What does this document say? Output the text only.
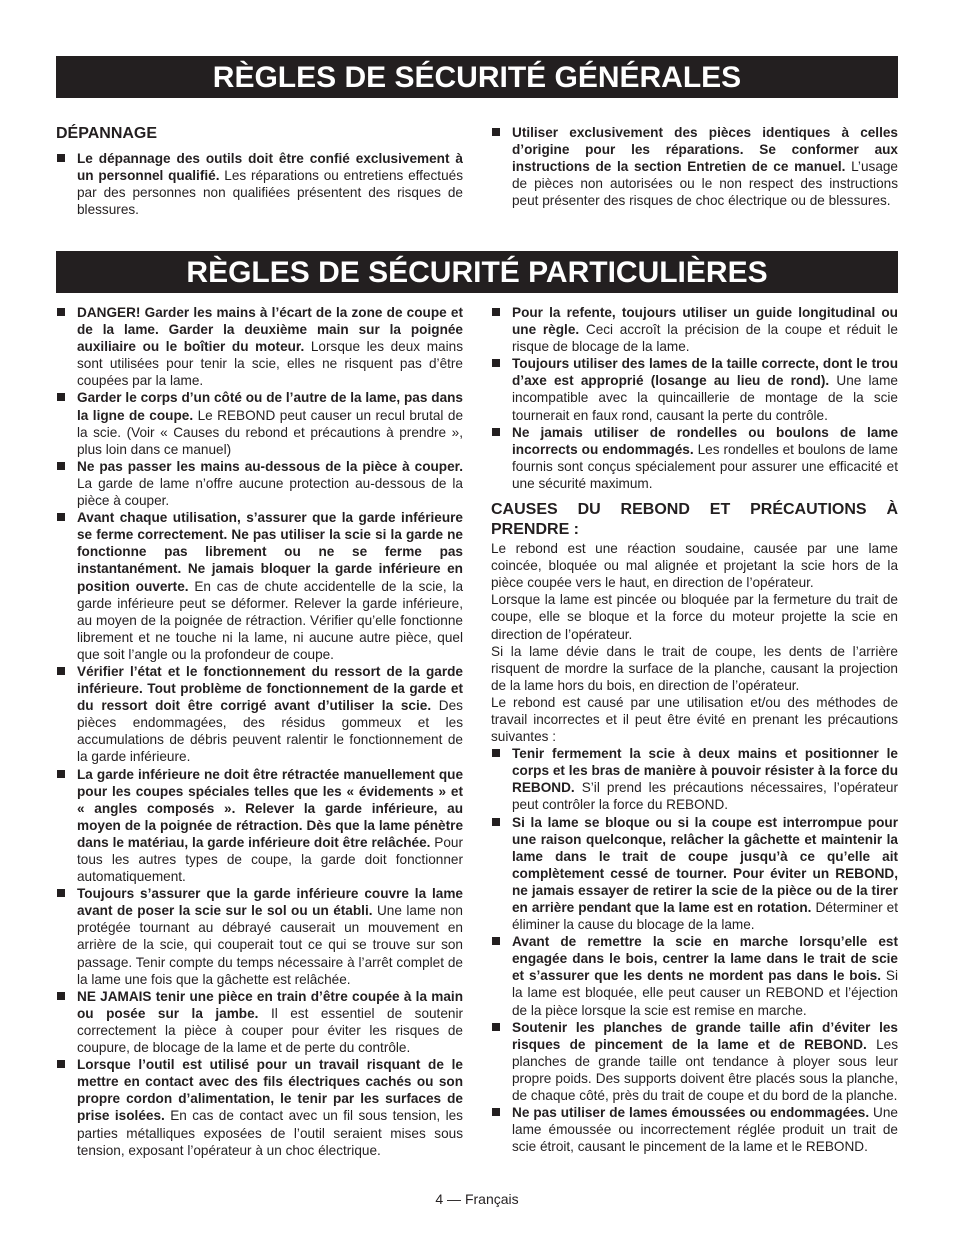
RÈGLES DE SÉCURITÉ GÉNÉRALES
DÉPANNAGE

Le dépannage des outils doit être confié exclusivement à un personnel qualifié. Les réparations ou entretiens effectués par des personnes non qualifiées présentent des risques de blessures.

Utiliser exclusivement des pièces identiques à celles d’origine pour les réparations. Se conformer aux instructions de la section Entretien de ce manuel. L’usage de pièces non autorisées ou le non respect des instructions peut présenter des risques de choc électrique ou de blessures.

RÈGLES DE SÉCURITÉ PARTICULIÈRES

DANGER! Garder les mains à l’écart de la zone de coupe et de la lame. Garder la deuxième main sur la poignée auxiliaire ou le boîtier du moteur. Lorsque les deux mains sont utilisées pour tenir la scie, elles ne risquent pas d’être coupées par la lame.

Garder le corps d’un côté ou de l’autre de la lame, pas dans la ligne de coupe. Le REBOND peut causer un recul brutal de la scie. (Voir « Causes du rebond et précautions à prendre », plus loin dans ce manuel)

Ne pas passer les mains au-dessous de la pièce à couper. La garde de lame n’offre aucune protection au-dessous de la pièce à couper.

Avant chaque utilisation, s’assurer que la garde inférieure se ferme correctement. Ne pas utiliser la scie si la garde ne fonctionne pas librement ou ne se ferme pas instantanément. Ne jamais bloquer la garde inférieure en position ouverte. En cas de chute accidentelle de la scie, la garde inférieure peut se déformer. Relever la garde inférieure, au moyen de la poignée de rétraction. Vérifier qu’elle fonctionne librement et ne touche ni la lame, ni aucune autre pièce, quel que soit l’angle ou la profondeur de coupe.

Vérifier l’état et le fonctionnement du ressort de la garde inférieure. Tout problème de fonctionnement de la garde et du ressort doit être corrigé avant d’utiliser la scie. Des pièces endommagées, des résidus gommeux et les accumulations de débris peuvent ralentir le fonctionnement de la garde inférieure.

La garde inférieure ne doit être rétractée manuellement que pour les coupes spéciales telles que les « évidements » et « angles composés ». Relever la garde inférieure, au moyen de la poignée de rétraction. Dès que la lame pénètre dans le matériau, la garde inférieure doit être relâchée. Pour tous les autres types de coupe, la garde doit fonctionner automatiquement.

Toujours s’assurer que la garde inférieure couvre la lame avant de poser la scie sur le sol ou un établi. Une lame non protégée tournant au débrayé causerait un mouvement en arrière de la scie, qui couperait tout ce qui se trouve sur son passage. Tenir compte du temps nécessaire à l’arrêt complet de la lame une fois que la gâchette est relâchée.

NE JAMAIS tenir une pièce en train d’être coupée à la main ou posée sur la jambe. Il est essentiel de soutenir correctement la pièce à couper pour éviter les risques de coupure, de blocage de la lame et de perte du contrôle.

Lorsque l’outil est utilisé pour un travail risquant de le mettre en contact avec des fils électriques cachés ou son propre cordon d’alimentation, le tenir par les surfaces de prise isolées. En cas de contact avec un fil sous tension, les parties métalliques exposées de l’outil seraient mises sous tension, exposant l’opérateur à un choc électrique.

Pour la refente, toujours utiliser un guide longitudinal ou une règle. Ceci accroît la précision de la coupe et réduit le risque de blocage de la lame.

Toujours utiliser des lames de la taille correcte, dont le trou d’axe est approprié (losange au lieu de rond). Une lame incompatible avec la quincaillerie de montage de la scie tournerait en faux rond, causant la perte du contrôle.

Ne jamais utiliser de rondelles ou boulons de lame incorrects ou endommagés. Les rondelles et boulons de lame fournis sont conçus spécialement pour assurer une efficacité et une sécurité maximum.

CAUSES DU REBOND ET PRÉCAUTIONS À PRENDRE :

Le rebond est une réaction soudaine, causée par une lame coincée, bloquée ou mal alignée et projetant la scie hors de la pièce coupée vers le haut, en direction de l’opérateur.

Lorsque la lame est pincée ou bloquée par la fermeture du trait de coupe, elle se bloque et la force du moteur projette la scie en direction de l’opérateur.

Si la lame dévie dans le trait de coupe, les dents de l’arrière risquent de mordre la surface de la planche, causant la projection de la lame hors du bois, en direction de l’opérateur.

Le rebond est causé par une utilisation et/ou des méthodes de travail incorrectes et il peut être évité en prenant les précautions suivantes :

Tenir fermement la scie à deux mains et positionner le corps et les bras de manière à pouvoir résister à la force du REBOND. S’il prend les précautions nécessaires, l’opérateur peut contrôler la force du REBOND.

Si la lame se bloque ou si la coupe est interrompue pour une raison quelconque, relâcher la gâchette et maintenir la lame dans le trait de coupe jusqu’à ce qu’elle ait complètement cessé de tourner. Pour éviter un REBOND, ne jamais essayer de retirer la scie de la pièce ou de la tirer en arrière pendant que la lame est en rotation. Déterminer et éliminer la cause du blocage de la lame.

Avant de remettre la scie en marche lorsqu’elle est engagée dans le bois, centrer la lame dans le trait de scie et s’assurer que les dents ne mordent pas dans le bois. Si la lame est bloquée, elle peut causer un REBOND et l’éjection de la pièce lorsque la scie est remise en marche.

Soutenir les planches de grande taille afin d’éviter les risques de pincement de la lame et de REBOND. Les planches de grande taille ont tendance à ployer sous leur propre poids. Des supports doivent être placés sous la planche, de chaque côté, près du trait de coupe et du bord de la planche.

Ne pas utiliser de lames émoussées ou endommagées. Une lame émoussée ou incorrectement réglée produit un trait de scie étroit, causant le pincement de la lame et le REBOND.

4 — Français
